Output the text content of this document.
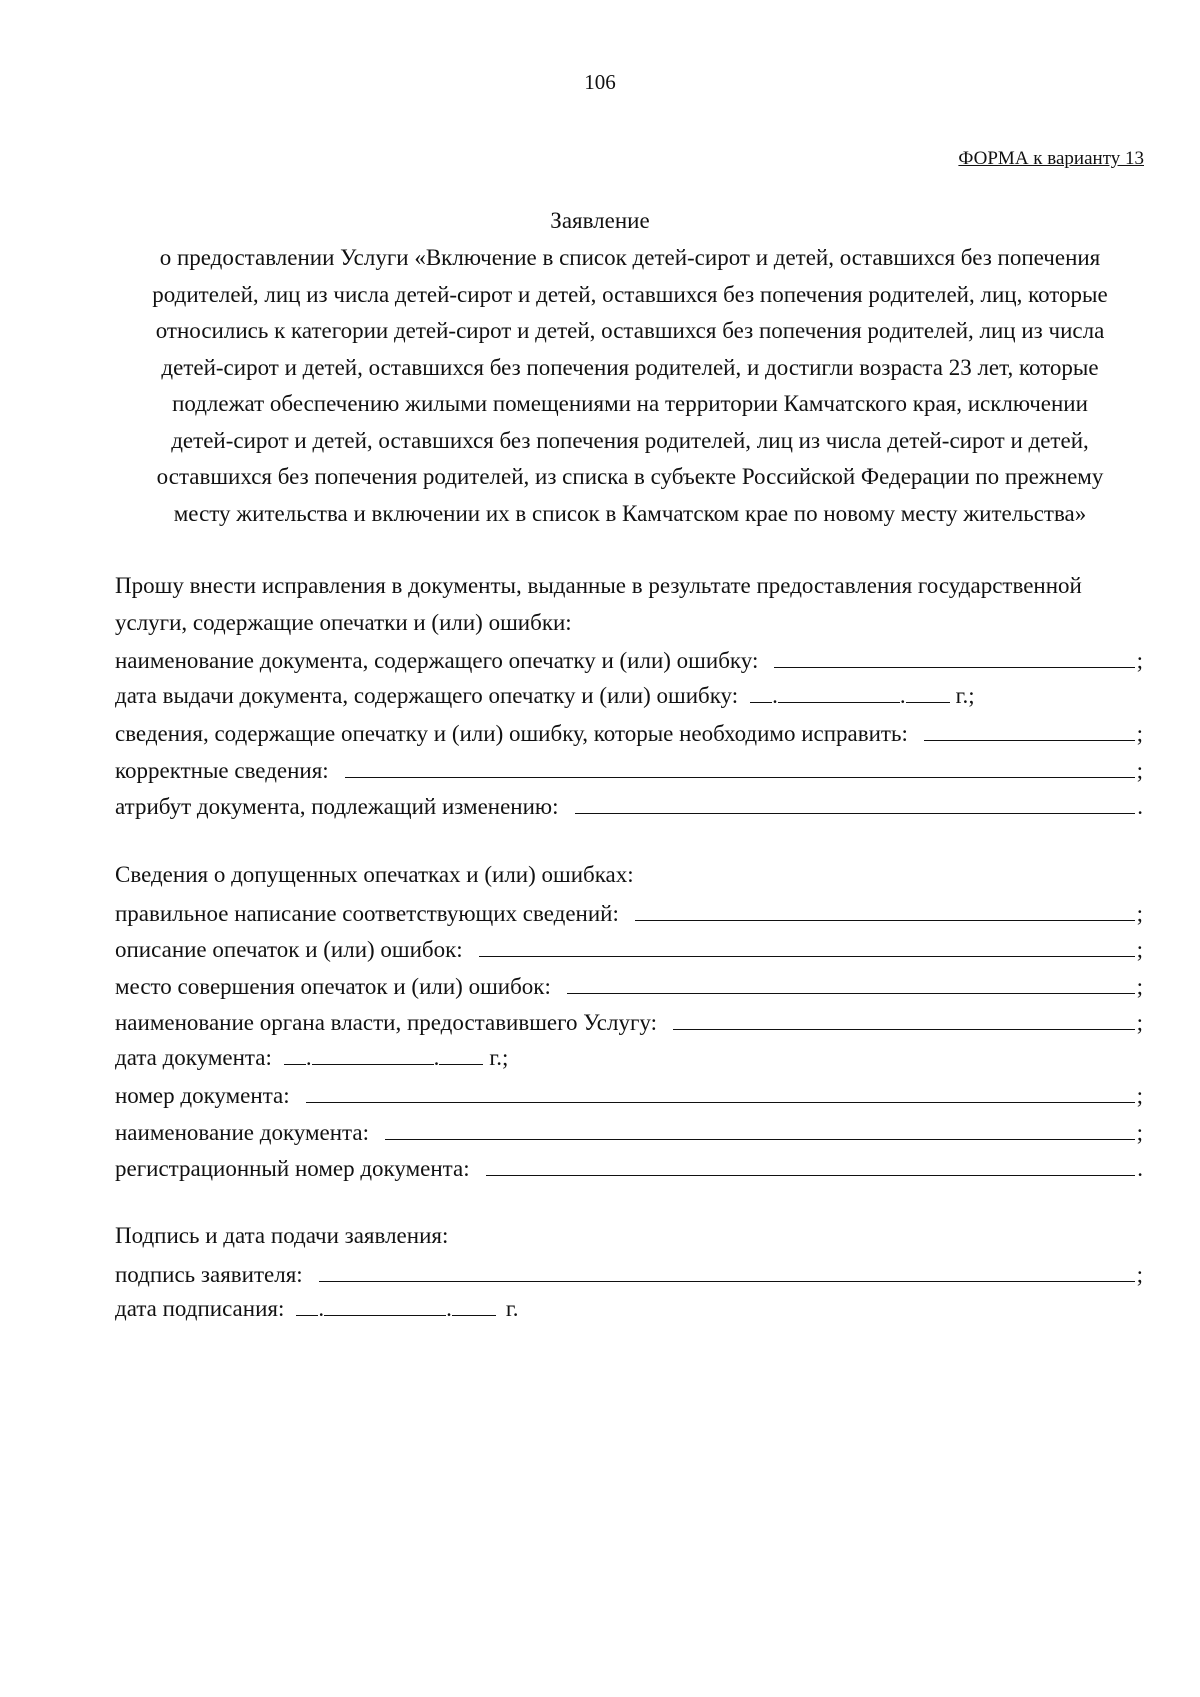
106
ФОРМА к варианту 13
Заявление
о предоставлении Услуги «Включение в список детей-сирот и детей, оставшихся без попечения
родителей, лиц из числа детей-сирот и детей, оставшихся без попечения родителей, лиц, которые
относились к категории детей-сирот и детей, оставшихся без попечения родителей, лиц из числа
детей-сирот и детей, оставшихся без попечения родителей, и достигли возраста 23 лет, которые
подлежат обеспечению жилыми помещениями на территории Камчатского края, исключении
детей-сирот и детей, оставшихся без попечения родителей, лиц из числа детей-сирот и детей,
оставшихся без попечения родителей, из списка в субъекте Российской Федерации по прежнему
месту жительства и включении их в список в Камчатском крае по новому месту жительства»
Прошу внести исправления в документы, выданные в результате предоставления государственной услуги, содержащие опечатки и (или) ошибки:
наименование документа, содержащего опечатку и (или) ошибку:	;
дата выдачи документа, содержащего опечатку и (или) ошибку:	.	.	г.;
сведения, содержащие опечатку и (или) ошибку, которые необходимо исправить:	;
корректные сведения:	;
атрибут документа, подлежащий изменению:	.
Сведения о допущенных опечатках и (или) ошибках:
правильное написание соответствующих сведений:	;
описание опечаток и (или) ошибок:	;
место совершения опечаток и (или) ошибок:	;
наименование органа власти, предоставившего Услугу:	;
дата документа:	.	.	г.;
номер документа:	;
наименование документа:	;
регистрационный номер документа:	.
Подпись и дата подачи заявления:
подпись заявителя:	;
дата подписания:	.	.	г.
